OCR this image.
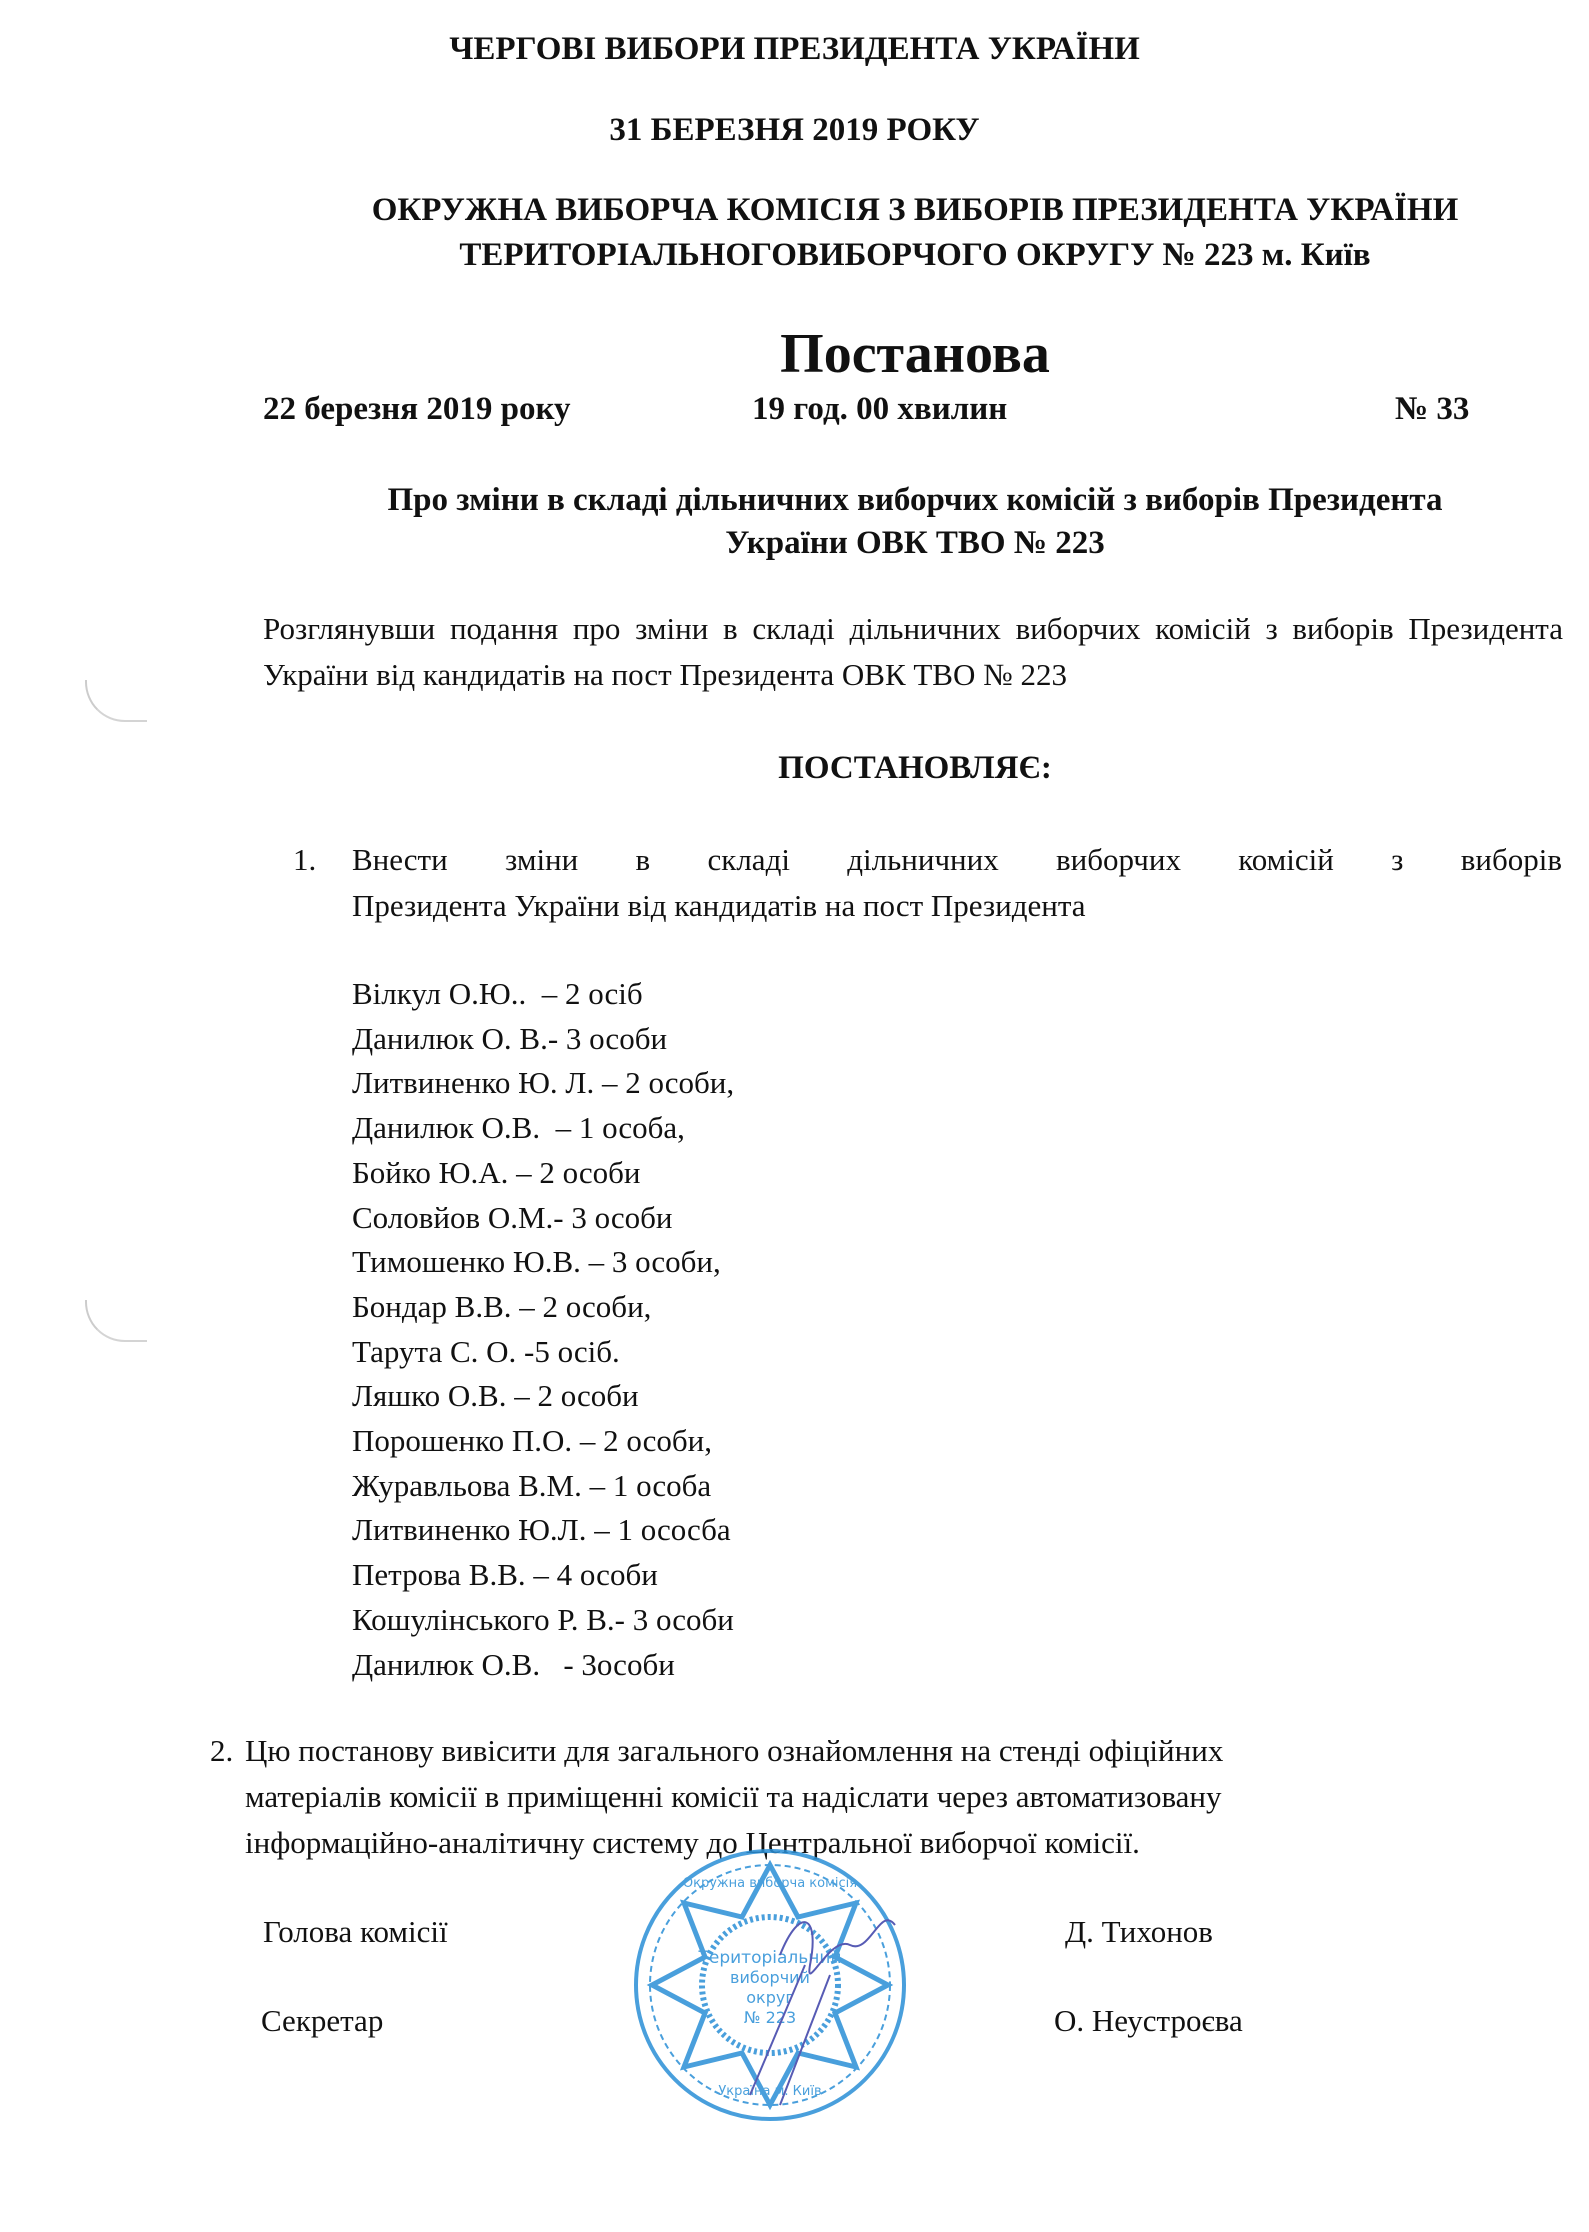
ЧЕРГОВІ ВИБОРИ ПРЕЗИДЕНТА УКРАЇНИ
31 БЕРЕЗНЯ 2019 РОКУ
ОКРУЖНА ВИБОРЧА КОМІСІЯ З ВИБОРІВ ПРЕЗИДЕНТА УКРАЇНИ
ТЕРИТОРІАЛЬНОГОВИБОРЧОГО ОКРУГУ № 223 м. Київ
Постанова
22 березня 2019 року	19 год. 00 хвилин	№ 33
Про зміни в складі дільничних виборчих комісій з виборів Президента
України ОВК ТВО № 223
Розглянувши подання про зміни в складі дільничних виборчих комісій з виборів Президента України від кандидатів на пост Президента ОВК ТВО № 223
ПОСТАНОВЛЯЄ:
1. Внести зміни в складі дільничних виборчих комісій з виборів
Президента України від кандидатів на пост Президента
Вілкул О.Ю..  – 2 осіб
Данилюк О. В.- 3 особи
Литвиненко Ю. Л. – 2 особи,
Данилюк О.В.  – 1 особа,
Бойко Ю.А. – 2 особи
Соловйов О.М.- 3 особи
Тимошенко Ю.В. – 3 особи,
Бондар В.В. – 2 особи,
Тарута С. О. -5 осіб.
Ляшко О.В. – 2 особи
Порошенко П.О. – 2 особи,
Журавльова В.М. – 1 особа
Литвиненко Ю.Л. – 1 ососба
Петрова В.В. – 4 особи
Кошулінського Р. В.- 3 особи
Данилюк О.В.   - 3особи
2. Цю постанову вивісити для загального ознайомлення на стенді офіційних
матеріалів комісії в приміщенні комісії та надіслати через автоматизовану
інформаційно-аналітичну систему до Центральної виборчої комісії.
Голова комісії	Д. Тихонов
Секретар	О. Неустроєва
Територіальний
виборчий
округ
№ 223
Окружна виборча комісія
Україна м. Київ
